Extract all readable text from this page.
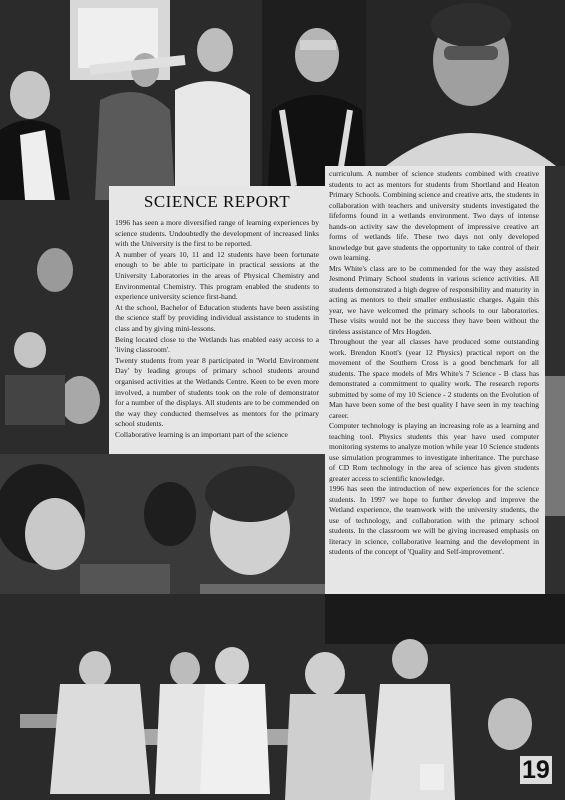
SCIENCE REPORT

1996 has seen a more diversified range of learning experiences by science students. Undoubtedly the development of increased links with the University is the first to be reported.

A number of years 10, 11 and 12 students have been fortunate enough to be able to participate in practical sessions at the University Laboratories in the areas of Physical Chemistry and Environmental Chemistry. This program enabled the students to experience university science first-hand.

At the school, Bachelor of Education students have been assisting the science staff by providing individual assistance to students in class and by giving mini-lessons.

Being located close to the Wetlands has enabled easy access to a 'living classroom'.

Twenty students from year 8 participated in 'World Environment Day' by leading groups of primary school students around organised activities at the Wetlands Centre. Keen to be even more involved, a number of students took on the role of demonstrator for a number of the displays. All students are to be commended on the way they conducted themselves as mentors for the primary school students.

Collaborative learning is an important part of the science

curriculum. A number of science students combined with creative students to act as mentors for students from Shortland and Heaton Primary Schools. Combining science and creative arts, the students in collaboration with teachers and university students investigated the lifeforms found in a wetlands environment. Two days of intense hands-on activity saw the development of impressive creative art forms of wetlands life. These two days not only developed knowledge but gave students the opportunity to take control of their own learning.

Mrs White's class are to be commended for the way they assisted Jesmond Primary School students in various science activities. All students demonstrated a high degree of responsibility and maturity in acting as mentors to their smaller enthusiastic charges. Again this year, we have welcomed the primary schools to our laboratories. These visits would not be the success they have been without the tireless assistance of Mrs Hogden.

Throughout the year all classes have produced some outstanding work. Brendon Knott's (year 12 Physics) practical report on the movement of the Southern Cross is a good benchmark for all students. The space models of Mrs White's 7 Science - B class has demonstrated a commitment to quality work. The research reports submitted by some of my 10 Science - 2 students on the Evolution of Man have been some of the best quality I have seen in my teaching career.

Computer technology is playing an increasing role as a learning and teaching tool. Physics students this year have used computer monitoring systems to analyze motion while year 10 Science students use simulation programmes to investigate inheritance. The purchase of CD Rom technology in the area of science has given students greater access to scientific knowledge.

1996 has seen the introduction of new experiences for the science students. In 1997 we hope to further develop and improve the Wetland experience, the teamwork with the university students, the use of technology, and collaboration with the primary school students. In the classroom we will be giving increased emphasis on literacy in science, collaborative learning and the development in students of the concept of 'Quality and Self-improvement'.

19
